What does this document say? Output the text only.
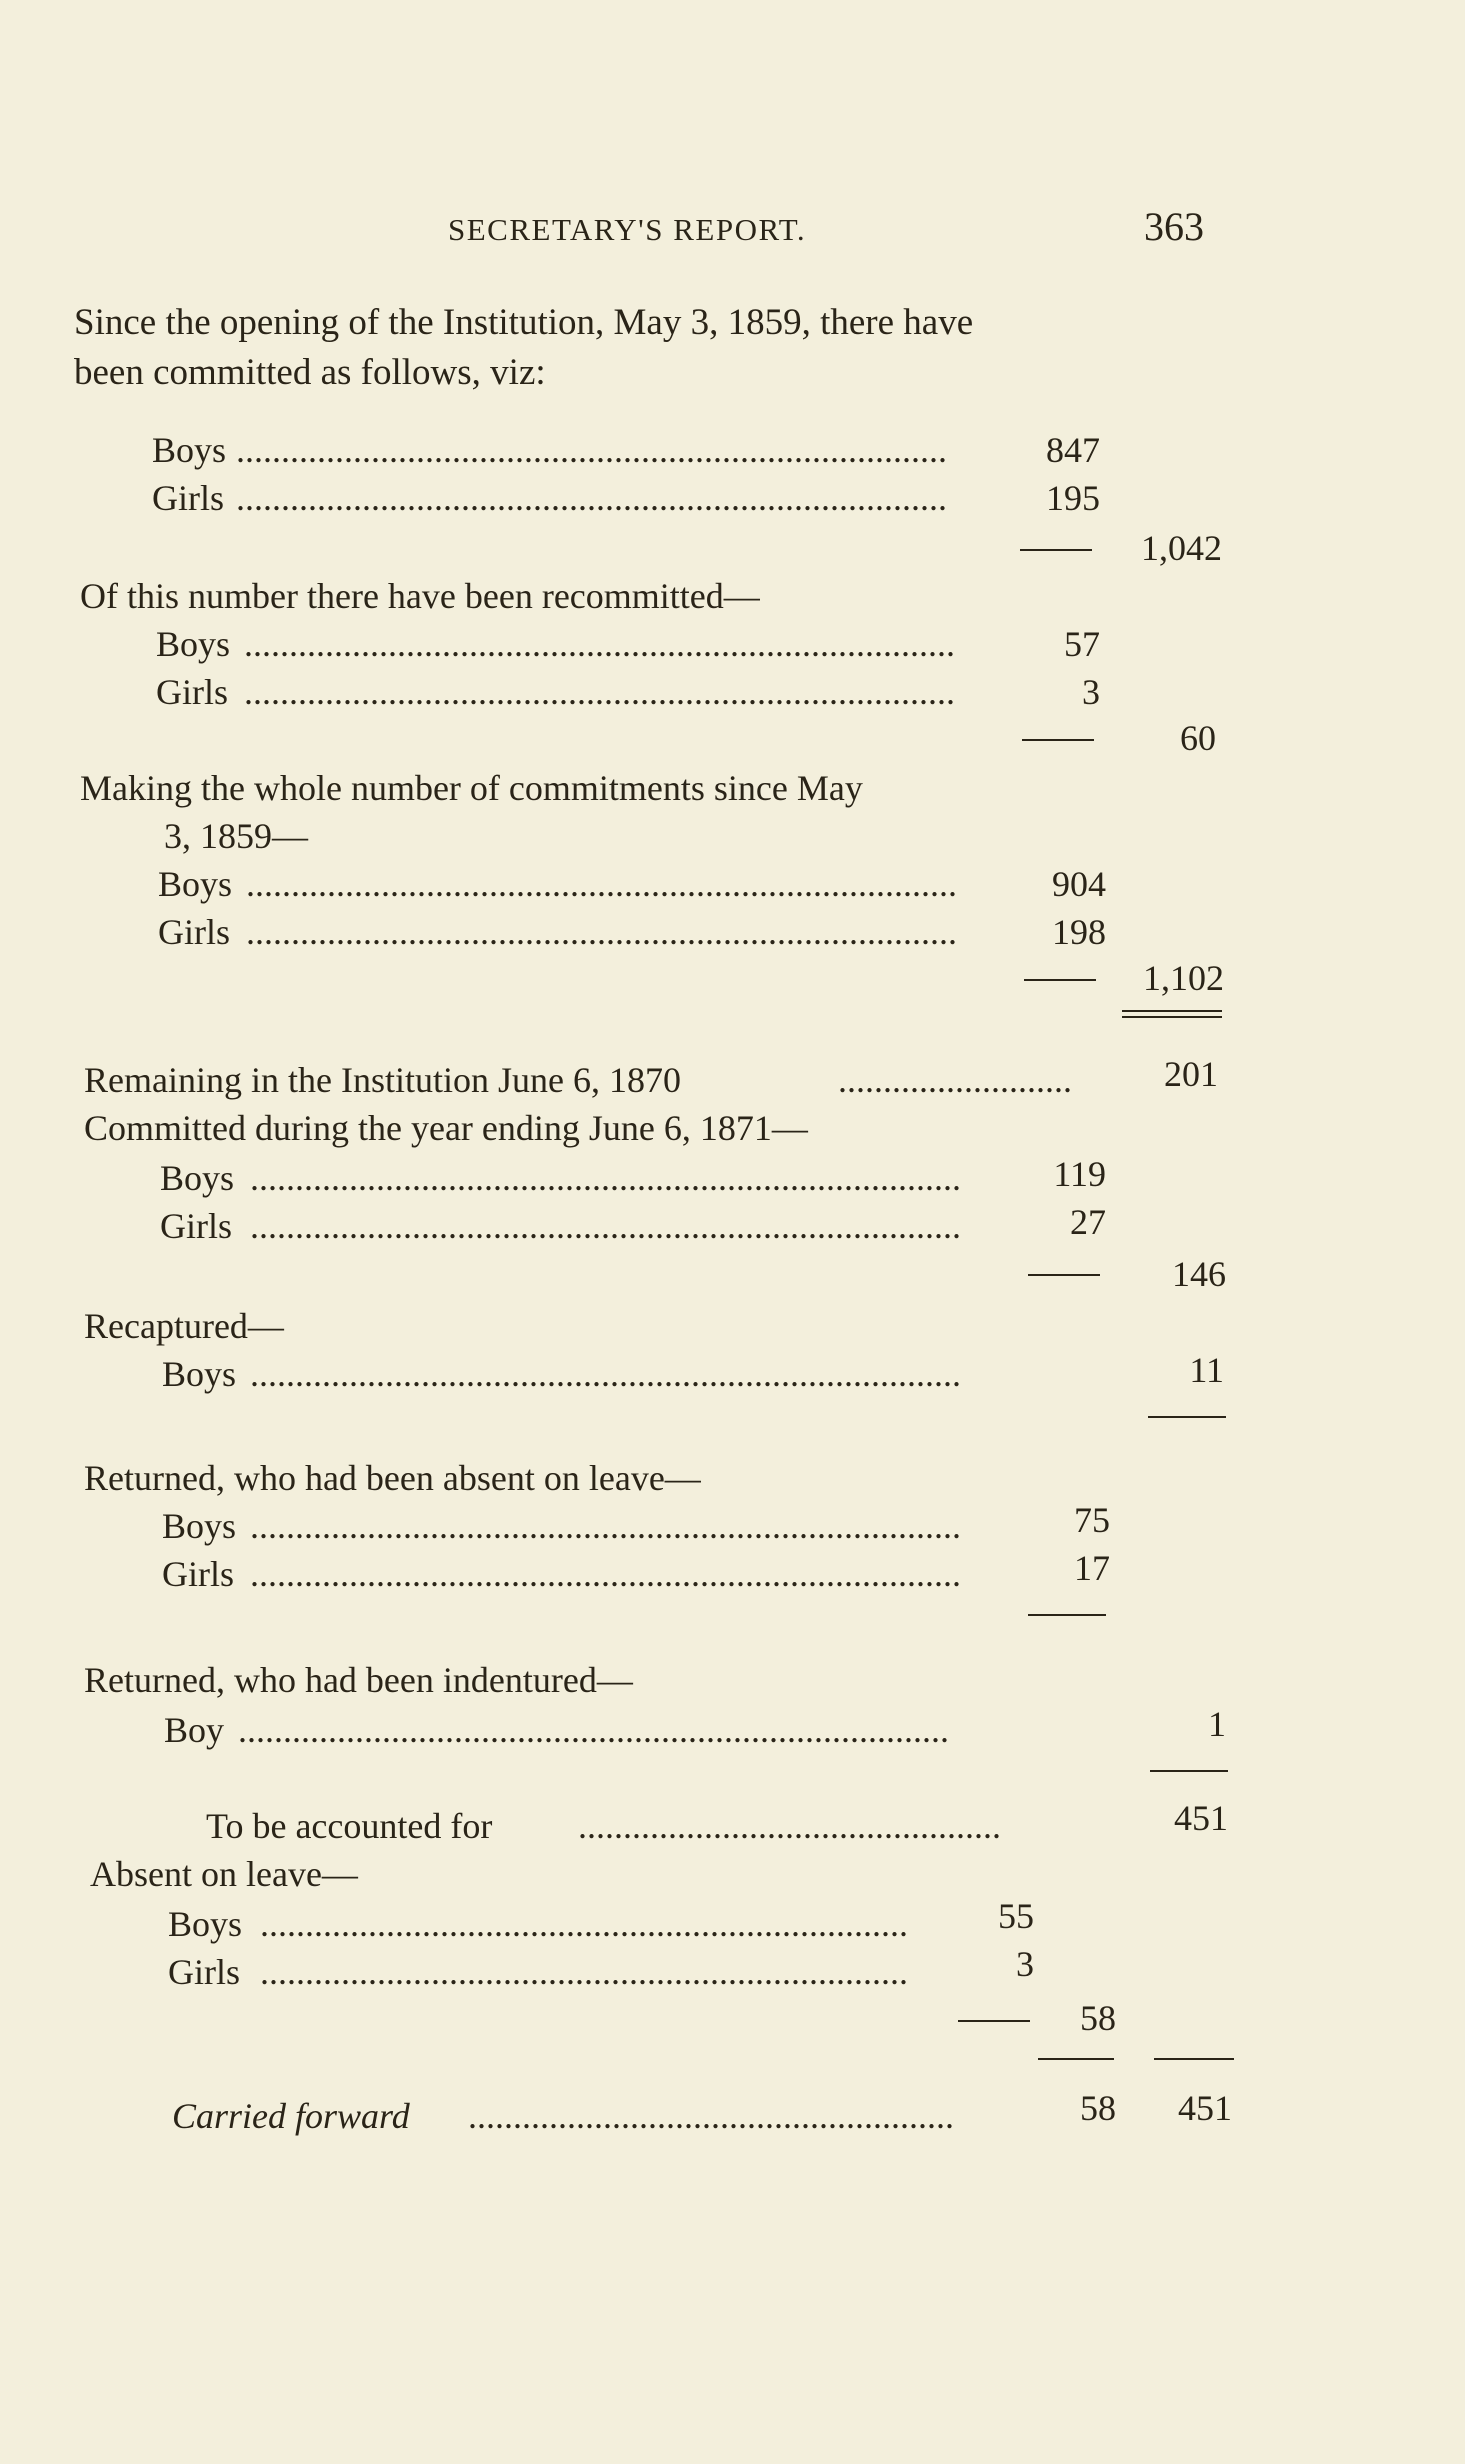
SECRETARY'S REPORT.	363
Since the opening of the Institution, May 3, 1859, there have
been committed as follows, viz:
Boys ...............................................................................	847
Girls ...............................................................................	195
1,042
Of this number there have been recommitted—
Boys ...............................................................................	57
Girls ...............................................................................	3
60
Making the whole number of commitments since May
3, 1859—
Boys ...............................................................................	904
Girls ...............................................................................	198
1,102
Remaining in the Institution June 6, 1870	..........................	201
Committed during the year ending June 6, 1871—
Boys ...............................................................................	119
Girls ...............................................................................	27
146
Recaptured—
Boys ...............................................................................	11
Returned, who had been absent on leave—
Boys ...............................................................................	75
Girls ...............................................................................	17
Returned, who had been indentured—
Boy ...............................................................................	1
To be accounted for ...............................................	451
Absent on leave—
Boys ........................................................................	55
Girls ........................................................................	3
58
Carried forward ......................................................	58	451
